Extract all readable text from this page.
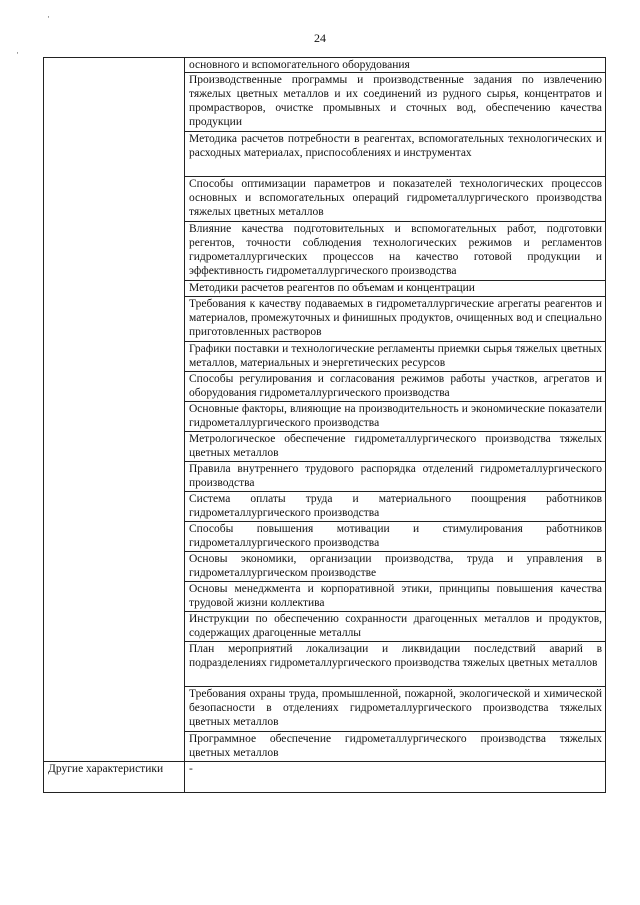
·
·
24
	основного и вспомогательного оборудования
	Производственные программы и производственные задания по извлечению тяжелых цветных металлов и их соединений из рудного сырья, концентратов и промрастворов, очистке промывных и сточных вод, обеспечению качества продукции
	Методика расчетов потребности в реагентах, вспомогательных технологических и расходных материалах, приспособлениях и инструментах
	Способы оптимизации параметров и показателей технологических процессов основных и вспомогательных операций гидрометаллургического производства тяжелых цветных металлов
	Влияние качества подготовительных и вспомогательных работ, подготовки регентов, точности соблюдения технологических режимов и регламентов гидрометаллургических процессов на качество готовой продукции и эффективность гидрометаллургического производства
	Методики расчетов реагентов по объемам и концентрации
	Требования к качеству подаваемых в гидрометаллургические агрегаты реагентов и материалов, промежуточных и финишных продуктов, очищенных вод и специально приготовленных растворов
	Графики поставки и технологические регламенты приемки сырья тяжелых цветных металлов, материальных и энергетических ресурсов
	Способы регулирования и согласования режимов работы участков, агрегатов и оборудования гидрометаллургического производства
	Основные факторы, влияющие на производительность и экономические показатели гидрометаллургического производства
	Метрологическое обеспечение гидрометаллургического производства тяжелых цветных металлов
	Правила внутреннего трудового распорядка отделений гидрометаллургического производства
	Система оплаты труда и материального поощрения работников гидрометаллургического производства
	Способы повышения мотивации и стимулирования работников гидрометаллургического производства
	Основы экономики, организации производства, труда и управления в гидрометаллургическом производстве
	Основы менеджмента и корпоративной этики, принципы повышения качества трудовой жизни коллектива
	Инструкции по обеспечению сохранности драгоценных металлов и продуктов, содержащих драгоценные металлы
	План мероприятий локализации и ликвидации последствий аварий в подразделениях гидрометаллургического производства тяжелых цветных металлов
	Требования охраны труда, промышленной, пожарной, экологической и химической безопасности в отделениях гидрометаллургического производства тяжелых цветных металлов
	Программное обеспечение гидрометаллургического производства тяжелых цветных металлов
Другие характеристики	-
